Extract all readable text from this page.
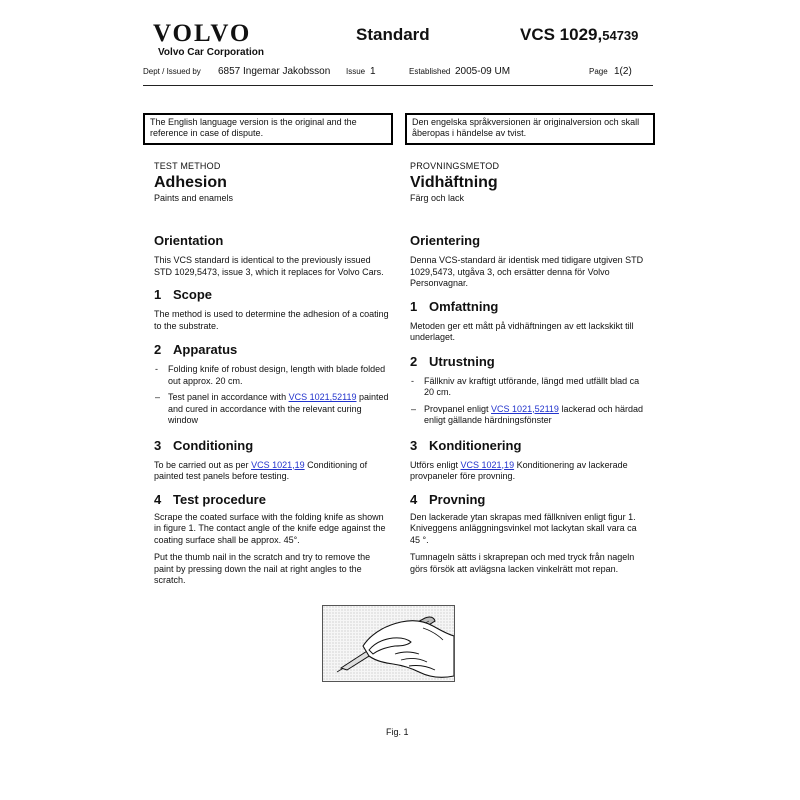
VOLVO
Volvo Car Corporation
Standard	VCS 1029,54739
Dept / Issued by 6857 Ingemar Jakobsson Issue 1	Established 2005-09 UM	Page 1(2)
The English language version is the original and the reference in case of dispute.
Den engelska språkversionen är originalversion och skall åberopas i händelse av tvist.
TEST METHOD
Adhesion
Paints and enamels
Orientation
This VCS standard is identical to the previously issued STD 1029,5473, issue 3, which it replaces for Volvo Cars.
1 Scope
The method is used to determine the adhesion of a coating to the substrate.
2 Apparatus
- Folding knife of robust design, length with blade folded out approx. 20 cm.
– Test panel in accordance with VCS 1021,52119 painted and cured in accordance with the relevant curing window
3 Conditioning
To be carried out as per VCS 1021,19 Conditioning of painted test panels before testing.
4 Test procedure
Scrape the coated surface with the folding knife as shown in figure 1. The contact angle of the knife edge against the coating surface shall be approx. 45°.
Put the thumb nail in the scratch and try to remove the paint by pressing down the nail at right angles to the scratch.
PROVNINGSMETOD
Vidhäftning
Färg och lack
Orientering
Denna VCS-standard är identisk med tidigare utgiven STD 1029,5473, utgåva 3, och ersätter denna för Volvo Personvagnar.
1 Omfattning
Metoden ger ett mått på vidhäftningen av ett lackskikt till underlaget.
2 Utrustning
- Fällkniv av kraftigt utförande, längd med utfällt blad ca 20 cm.
– Provpanel enligt VCS 1021,52119 lackerad och härdad enligt gällande härdningsfönster
3 Konditionering
Utförs enligt VCS 1021,19 Konditionering av lackerade provpaneler före provning.
4 Provning
Den lackerade ytan skrapas med fällkniven enligt figur 1. Kniveggens anläggningsvinkel mot lackytan skall vara ca 45 °.
Tumnageln sätts i skraprepan och med tryck från nageln görs försök att avlägsna lacken vinkelrätt mot repan.
Fig. 1
